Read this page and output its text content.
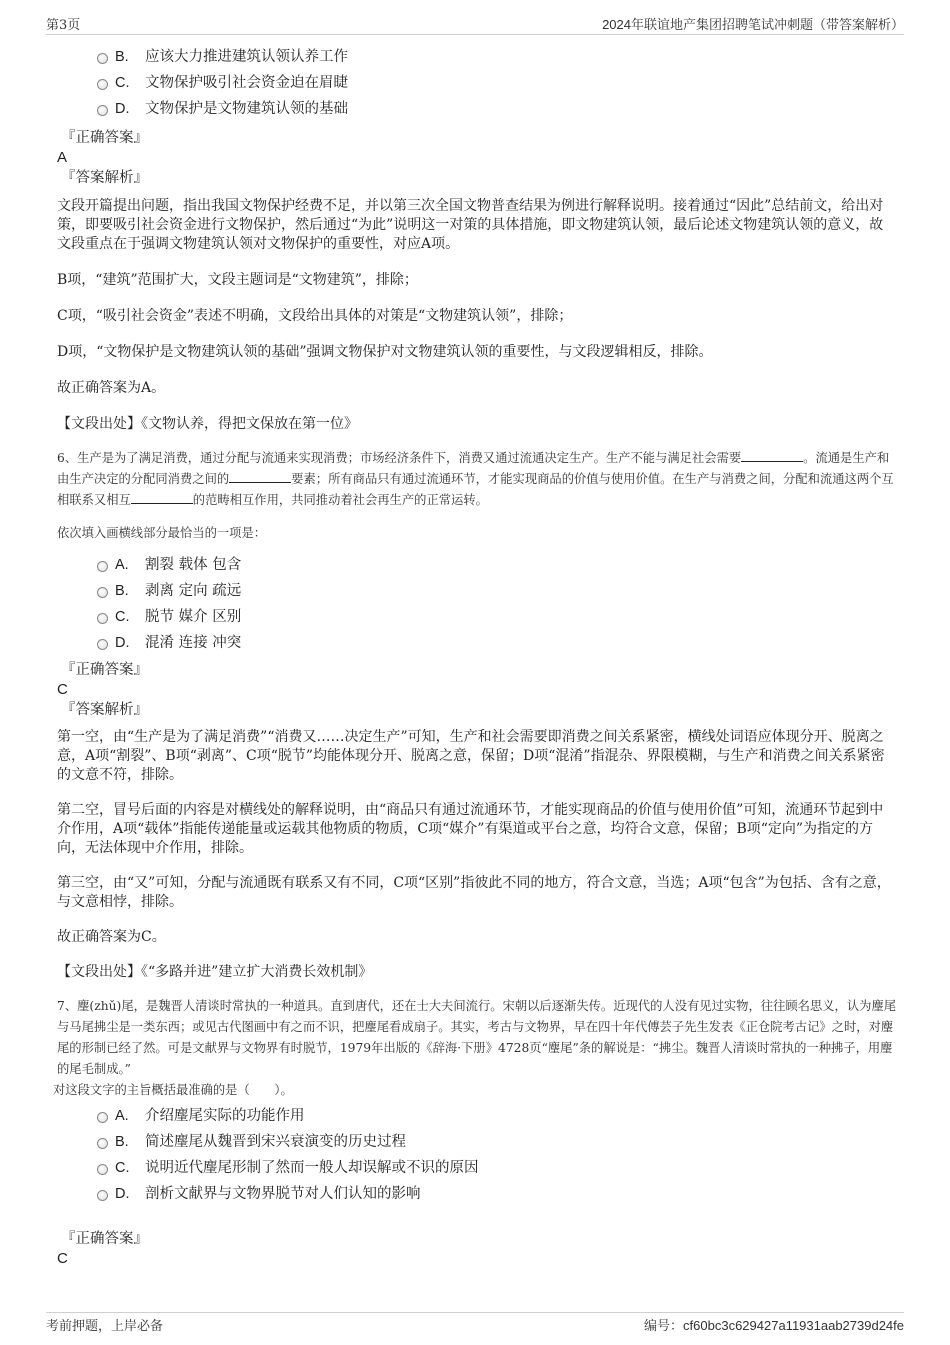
第3页	2024年联谊地产集团招聘笔试冲刺题（带答案解析）
B. 应该大力推进建筑认领认养工作
C. 文物保护吸引社会资金迫在眉睫
D. 文物保护是文物建筑认领的基础
『正确答案』
A
『答案解析』

文段开篇提出问题，指出我国文物保护经费不足，并以第三次全国文物普查结果为例进行解释说明。接着通过“因此”总结前文，给出对策，即要吸引社会资金进行文物保护，然后通过“为此”说明这一对策的具体措施，即文物建筑认领，最后论述文物建筑认领的意义，故文段重点在于强调文物建筑认领对文物保护的重要性，对应A项。

B项，“建筑”范围扩大，文段主题词是“文物建筑”，排除；

C项，“吸引社会资金”表述不明确，文段给出具体的对策是“文物建筑认领”，排除；

D项，“文物保护是文物建筑认领的基础”强调文物保护对文物建筑认领的重要性，与文段逻辑相反，排除。

故正确答案为A。

【文段出处】《文物认养，得把文保放在第一位》

6、生产是为了满足消费，通过分配与流通来实现消费；市场经济条件下，消费又通过流通决定生产。生产不能与满足社会需要	。流通是生产和由生产决定的分配同消费之间的	要素；所有商品只有通过流通环节，才能实现商品的价值与使用价值。在生产与消费之间，分配和流通这两个互相联系又相互	的范畴相互作用，共同推动着社会再生产的正常运转。

依次填入画横线部分最恰当的一项是：

A. 割裂 载体 包含
B. 剥离 定向 疏远
C. 脱节 媒介 区别
D. 混淆 连接 冲突
『正确答案』
C
『答案解析』

第一空，由“生产是为了满足消费”“消费又……决定生产”可知，生产和社会需要即消费之间关系紧密，横线处词语应体现分开、脱离之意，A项“割裂”、B项“剥离”、C项“脱节”均能体现分开、脱离之意，保留；D项“混淆”指混杂、界限模糊，与生产和消费之间关系紧密的文意不符，排除。

第二空，冒号后面的内容是对横线处的解释说明，由“商品只有通过流通环节，才能实现商品的价值与使用价值”可知，流通环节起到中介作用，A项“载体”指能传递能量或运载其他物质的物质，C项“媒介”有渠道或平台之意，均符合文意，保留；B项“定向”为指定的方向，无法体现中介作用，排除。

第三空，由“又”可知，分配与流通既有联系又有不同，C项“区别”指彼此不同的地方，符合文意，当选；A项“包含”为包括、含有之意，与文意相悖，排除。

故正确答案为C。

【文段出处】《“多路并进”建立扩大消费长效机制》

7、麈(zhǔ)尾，是魏晋人清谈时常执的一种道具。直到唐代，还在士大夫间流行。宋朝以后逐渐失传。近现代的人没有见过实物，往往顾名思义，认为麈尾与马尾拂尘是一类东西；或见古代图画中有之而不识，把麈尾看成扇子。其实，考古与文物界，早在四十年代傅芸子先生发表《正仓院考古记》之时，对麈尾的形制已经了然。可是文献界与文物界有时脱节，1979年出版的《辞海·下册》4728页“麈尾”条的解说是：“拂尘。魏晋人清谈时常执的一种拂子，用麈的尾毛制成。”

对这段文字的主旨概括最准确的是（　　）。

A. 介绍麈尾实际的功能作用
B. 简述麈尾从魏晋到宋兴衰演变的历史过程
C. 说明近代麈尾形制了然而一般人却误解或不识的原因
D. 剖析文献界与文物界脱节对人们认知的影响
『正确答案』
C
考前押题，上岸必备	编号：cf60bc3c629427a11931aab2739d24fe
